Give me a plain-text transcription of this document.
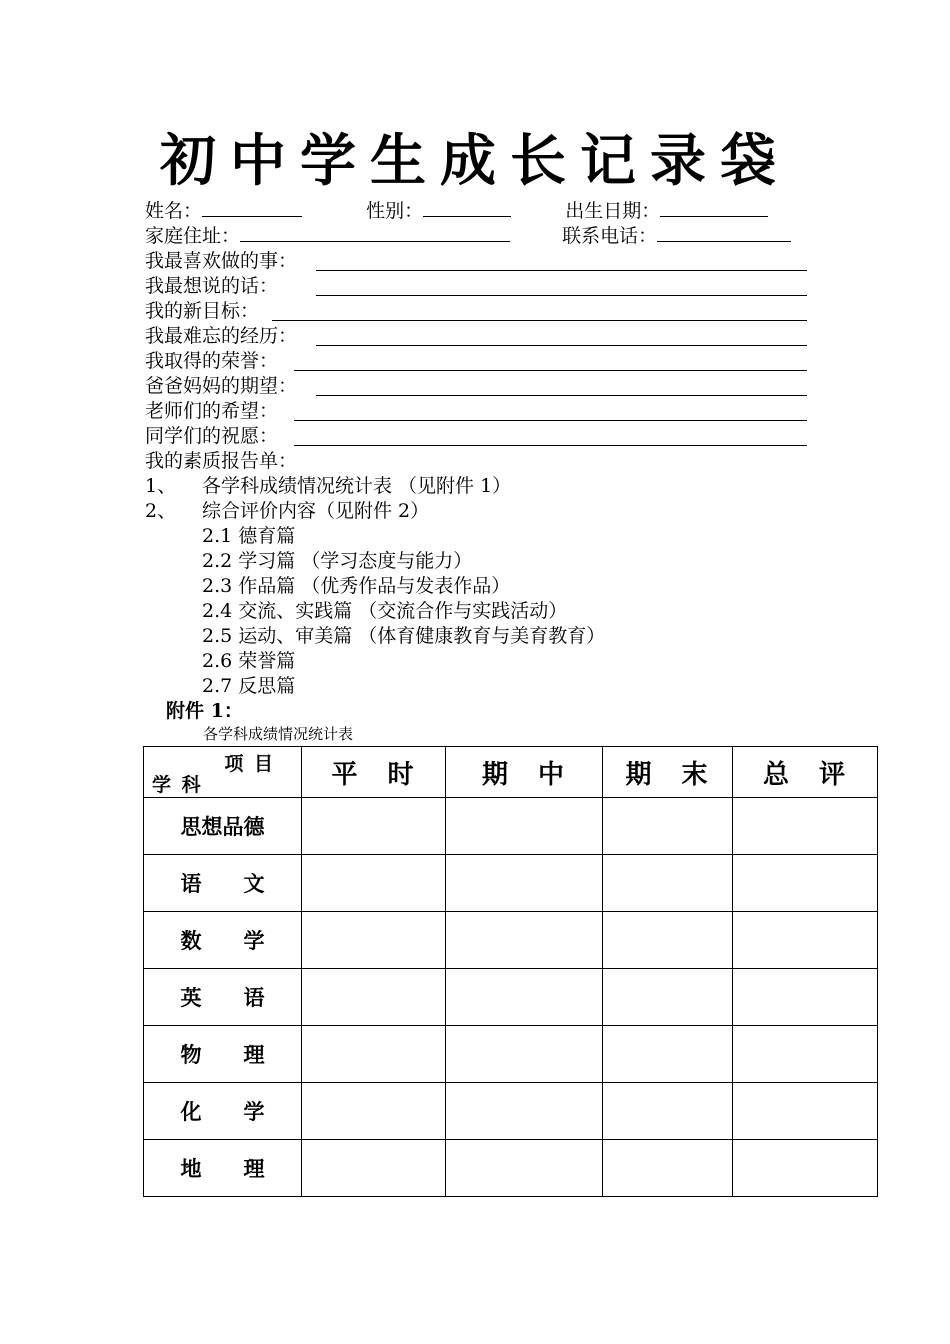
初中学生成长记录袋
姓名：	性别：	出生日期：
家庭住址：	联系电话：
我最喜欢做的事：
我最想说的话：
我的新目标：
我最难忘的经历：
我取得的荣誉：
爸爸妈妈的期望：
老师们的希望：
同学们的祝愿：
我的素质报告单：
1、 各学科成绩情况统计表 （见附件 1）
2、 综合评价内容（见附件 2）
2.1 德育篇
2.2 学习篇 （学习态度与能力）
2.3 作品篇 （优秀作品与发表作品）
2.4 交流、实践篇 （交流合作与实践活动）
2.5 运动、审美篇 （体育健康教育与美育教育）
2.6 荣誉篇
2.7 反思篇
附件 1：
各学科成绩情况统计表
项 目
学 科	平　时	期　中	期　末	总　评
思想品德				
语　　文				
数　　学				
英　　语				
物　　理				
化　　学				
地　　理				
